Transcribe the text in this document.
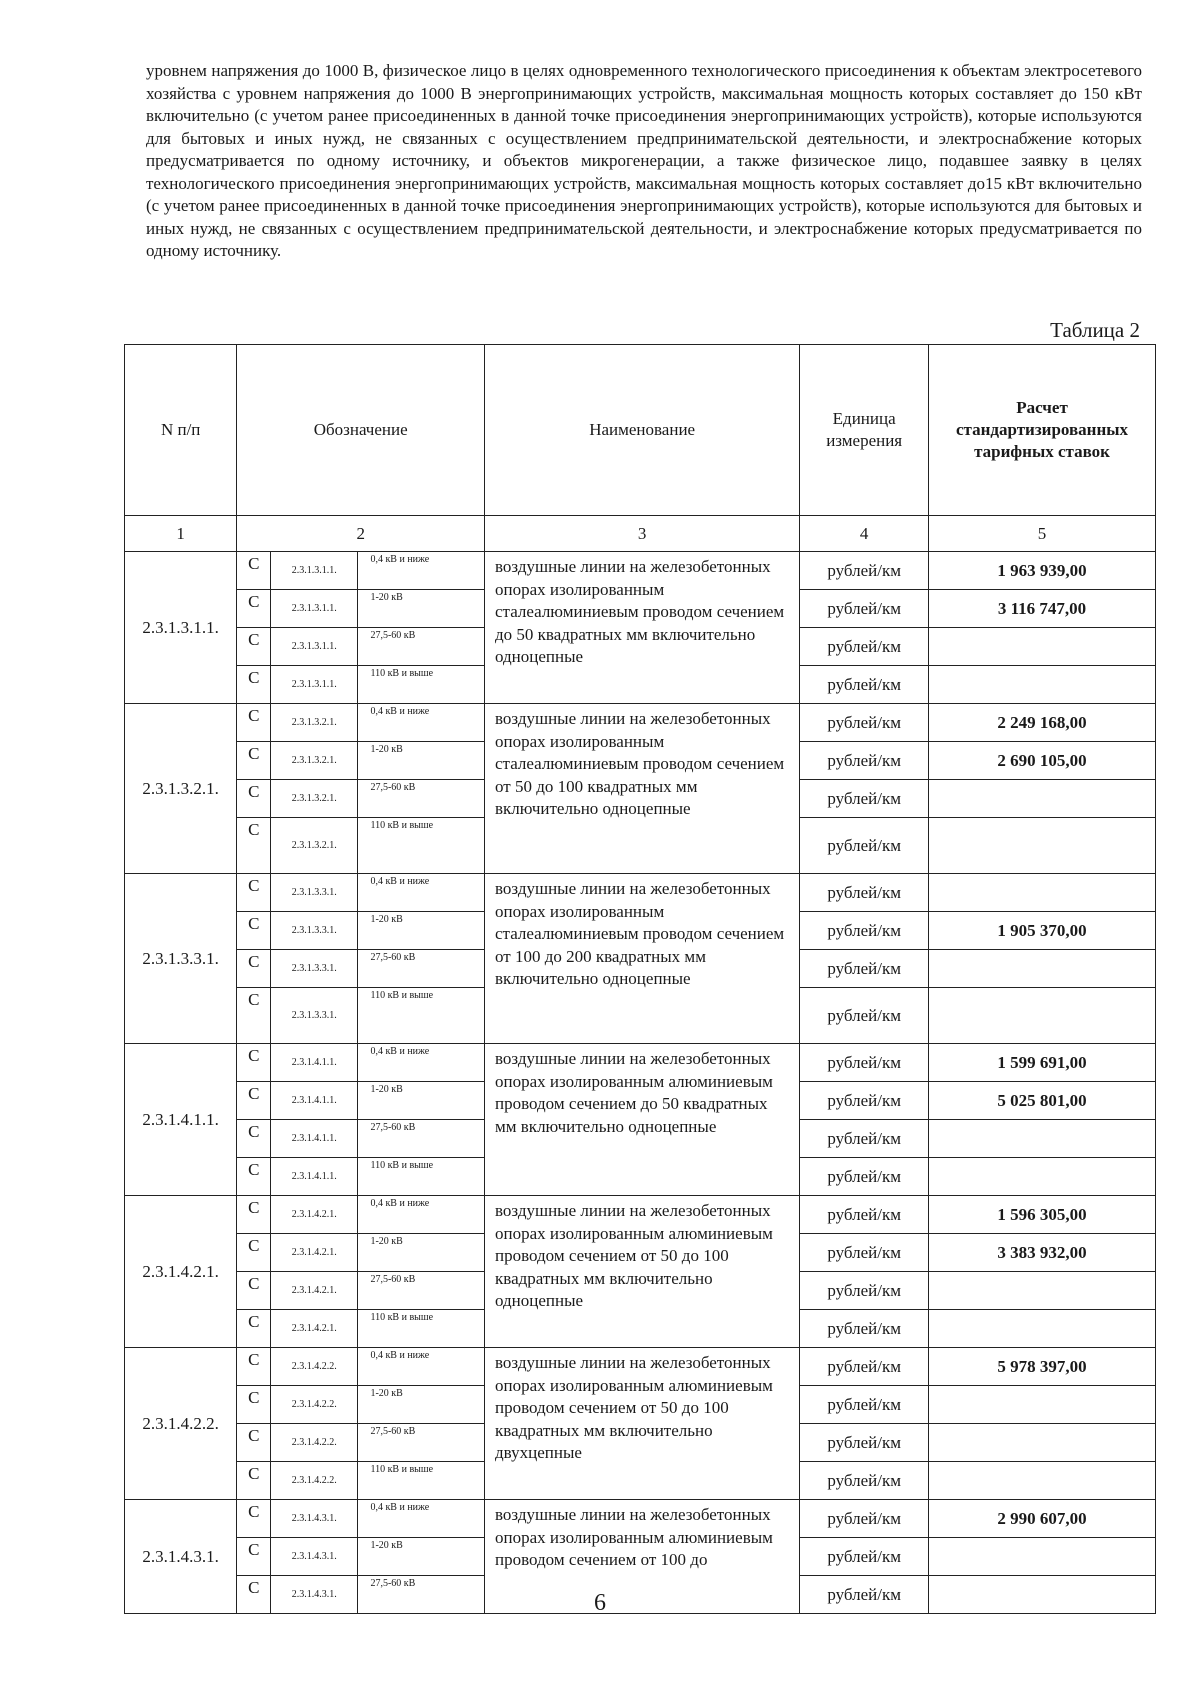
уровнем напряжения до 1000 В, физическое лицо в целях одновременного технологического присоединения к объектам электросетевого хозяйства с уровнем напряжения до 1000 В энергопринимающих устройств, максимальная мощность которых составляет до 150 кВт включительно (с учетом ранее присоединенных в данной точке присоединения энергопринимающих устройств), которые используются для бытовых и иных нужд, не связанных с осуществлением предпринимательской деятельности, и электроснабжение которых предусматривается по одному источнику, и объектов микрогенерации, а также физическое лицо, подавшее заявку в целях технологического присоединения энергопринимающих устройств, максимальная мощность которых составляет до15 кВт включительно (с учетом ранее присоединенных в данной точке присоединения энергопринимающих устройств), которые используются для бытовых и иных нужд, не связанных с осуществлением предпринимательской деятельности, и электроснабжение которых предусматривается по одному источнику.

Таблица 2
N п/п	Обозначение			Наименование	Единица измерения	Расчет стандартизированных тарифных ставок

1	2			3	4	5
2.3.1.3.1.1.	С	2.3.1.3.1.1.	0,4 кВ и ниже	воздушные линии на железобетонных опорах изолированным сталеалюминиевым проводом сечением до 50 квадратных мм включительно одноцепные	рублей/км	1 963 939,00
	С	2.3.1.3.1.1.	1-20 кВ		рублей/км	3 116 747,00
	С	2.3.1.3.1.1.	27,5-60 кВ		рублей/км	
	С	2.3.1.3.1.1.	110 кВ и выше		рублей/км	
2.3.1.3.2.1.	С	2.3.1.3.2.1.	0,4 кВ и ниже	воздушные линии на железобетонных опорах изолированным сталеалюминиевым проводом сечением от 50 до 100 квадратных мм включительно одноцепные	рублей/км	2 249 168,00
	С	2.3.1.3.2.1.	1-20 кВ		рублей/км	2 690 105,00
	С	2.3.1.3.2.1.	27,5-60 кВ		рублей/км	
	С	2.3.1.3.2.1.	110 кВ и выше		рублей/км	
2.3.1.3.3.1.	С	2.3.1.3.3.1.	0,4 кВ и ниже	воздушные линии на железобетонных опорах изолированным сталеалюминиевым проводом сечением от 100 до 200 квадратных мм включительно одноцепные	рублей/км	
	С	2.3.1.3.3.1.	1-20 кВ		рублей/км	1 905 370,00
	С	2.3.1.3.3.1.	27,5-60 кВ		рублей/км	
	С	2.3.1.3.3.1.	110 кВ и выше		рублей/км	
2.3.1.4.1.1.	С	2.3.1.4.1.1.	0,4 кВ и ниже	воздушные линии на железобетонных опорах изолированным алюминиевым проводом сечением до 50 квадратных мм включительно одноцепные	рублей/км	1 599 691,00
	С	2.3.1.4.1.1.	1-20 кВ		рублей/км	5 025 801,00
	С	2.3.1.4.1.1.	27,5-60 кВ		рублей/км	
	С	2.3.1.4.1.1.	110 кВ и выше		рублей/км	
2.3.1.4.2.1.	С	2.3.1.4.2.1.	0,4 кВ и ниже	воздушные линии на железобетонных опорах изолированным алюминиевым проводом сечением от 50 до 100 квадратных мм включительно одноцепные	рублей/км	1 596 305,00
	С	2.3.1.4.2.1.	1-20 кВ		рублей/км	3 383 932,00
	С	2.3.1.4.2.1.	27,5-60 кВ		рублей/км	
	С	2.3.1.4.2.1.	110 кВ и выше		рублей/км	
2.3.1.4.2.2.	С	2.3.1.4.2.2.	0,4 кВ и ниже	воздушные линии на железобетонных опорах изолированным алюминиевым проводом сечением от 50 до 100 квадратных мм включительно двухцепные	рублей/км	5 978 397,00
	С	2.3.1.4.2.2.	1-20 кВ		рублей/км	
	С	2.3.1.4.2.2.	27,5-60 кВ		рублей/км	
	С	2.3.1.4.2.2.	110 кВ и выше		рублей/км	
2.3.1.4.3.1.	С	2.3.1.4.3.1.	0,4 кВ и ниже	воздушные линии на железобетонных опорах изолированным алюминиевым проводом сечением от 100 до	рублей/км	2 990 607,00
	С	2.3.1.4.3.1.	1-20 кВ		рублей/км	
	С	2.3.1.4.3.1.	27,5-60 кВ		рублей/км	
6
